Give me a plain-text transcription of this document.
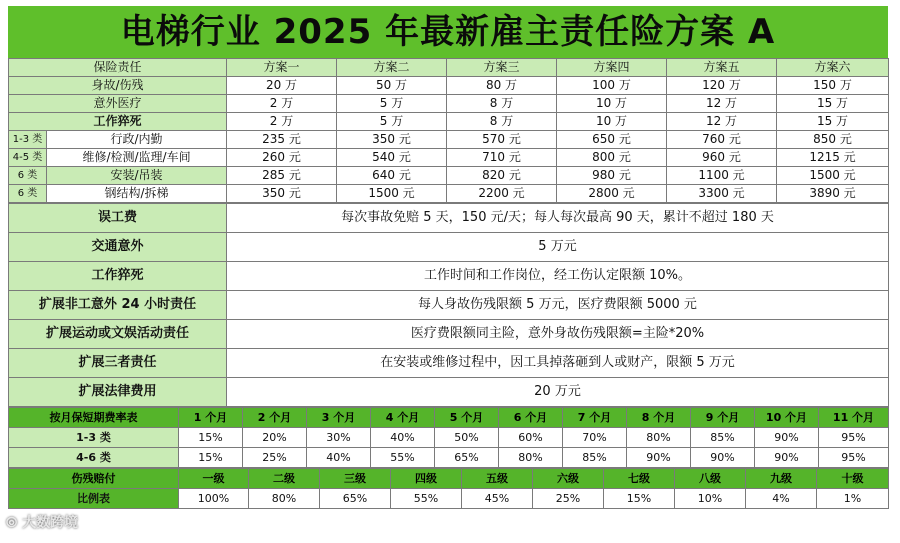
电梯行业 2025 年最新雇主责任险方案 A
保险责任		方案一	方案二	方案三	方案四	方案五	方案六
身故/伤残		20 万	50 万	80 万	100 万	120 万	150 万
意外医疗		2 万	5 万	8 万	10 万	12 万	15 万
工作猝死		2 万	5 万	8 万	10 万	12 万	15 万
1-3 类	行政/内勤	235 元	350 元	570 元	650 元	760 元	850 元
4-5 类	维修/检测/监理/车间	260 元	540 元	710 元	800 元	960 元	1215 元
6 类	安装/吊装	285 元	640 元	820 元	980 元	1100 元	1500 元
6 类	钢结构/拆梯	350 元	1500 元	2200 元	2800 元	3300 元	3890 元
误工费	每次事故免赔 5 天，150 元/天；每人每次最高 90 天，累计不超过 180 天
交通意外	5 万元
工作猝死	工作时间和工作岗位，经工伤认定限额 10%。
扩展非工意外 24 小时责任	每人身故伤残限额 5 万元，医疗费限额 5000 元
扩展运动或文娱活动责任	医疗费限额同主险，意外身故伤残限额=主险*20%
扩展三者责任	在安装或维修过程中，因工具掉落砸到人或财产，限额 5 万元
扩展法律费用	20 万元
按月保短期费率表	1 个月	2 个月	3 个月	4 个月	5 个月	6 个月	7 个月	8 个月	9 个月	10 个月	11 个月
1-3 类	15%	20%	30%	40%	50%	60%	70%	80%	85%	90%	95%
4-6 类	15%	25%	40%	55%	65%	80%	85%	90%	90%	90%	95%
伤残赔付	一级	二级	三级	四级	五级	六级	七级	八级	九级	十级
比例表	100%	80%	65%	55%	45%	25%	15%	10%	4%	1%
⦾ 大数跨境
